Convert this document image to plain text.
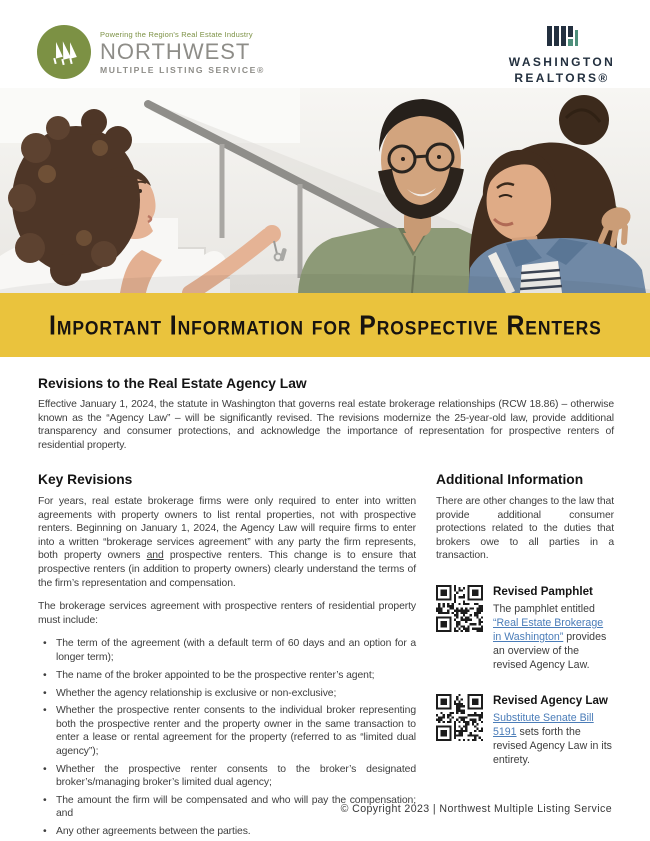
Powering the Region's Real Estate Industry
NORTHWEST
MULTIPLE LISTING SERVICE®
WASHINGTON
REALTORS®
Important Information for Prospective Renters
Revisions to the Real Estate Agency Law

Effective January 1, 2024, the statute in Washington that governs real estate brokerage relationships (RCW 18.86) – otherwise known as the “Agency Law” – will be significantly revised. The revisions modernize the 25-year-old law, provide additional transparency and consumer protections, and acknowledge the importance of representation for prospective renters of residential property.

Key Revisions

For years, real estate brokerage firms were only required to enter into written agreements with property owners to list rental properties, not with prospective renters. Beginning on January 1, 2024, the Agency Law will require firms to enter into a written “brokerage services agreement” with any party the firm represents, both property owners and prospective renters. This change is to ensure that prospective renters (in addition to property owners) clearly understand the terms of the firm’s representation and compensation.

The brokerage services agreement with prospective renters of residential property must include:

• The term of the agreement (with a default term of 60 days and an option for a longer term);
• The name of the broker appointed to be the prospective renter’s agent;
• Whether the agency relationship is exclusive or non-exclusive;
• Whether the prospective renter consents to the individual broker representing both the prospective renter and the property owner in the same transaction to enter a lease or rental agreement for the property (referred to as “limited dual agency”);
• Whether the prospective renter consents to the broker’s designated broker’s/managing broker’s limited dual agency;
• The amount the firm will be compensated and who will pay the compensation; and
• Any other agreements between the parties.
Additional Information

There are other changes to the law that provide additional consumer protections related to the duties that brokers owe to all parties in a transaction.

Revised Pamphlet
The pamphlet entitled “Real Estate Brokerage in Washington” provides an overview of the revised Agency Law.
Revised Agency Law
Substitute Senate Bill 5191 sets forth the revised Agency Law in its entirety.
© Copyright 2023 | Northwest Multiple Listing Service
